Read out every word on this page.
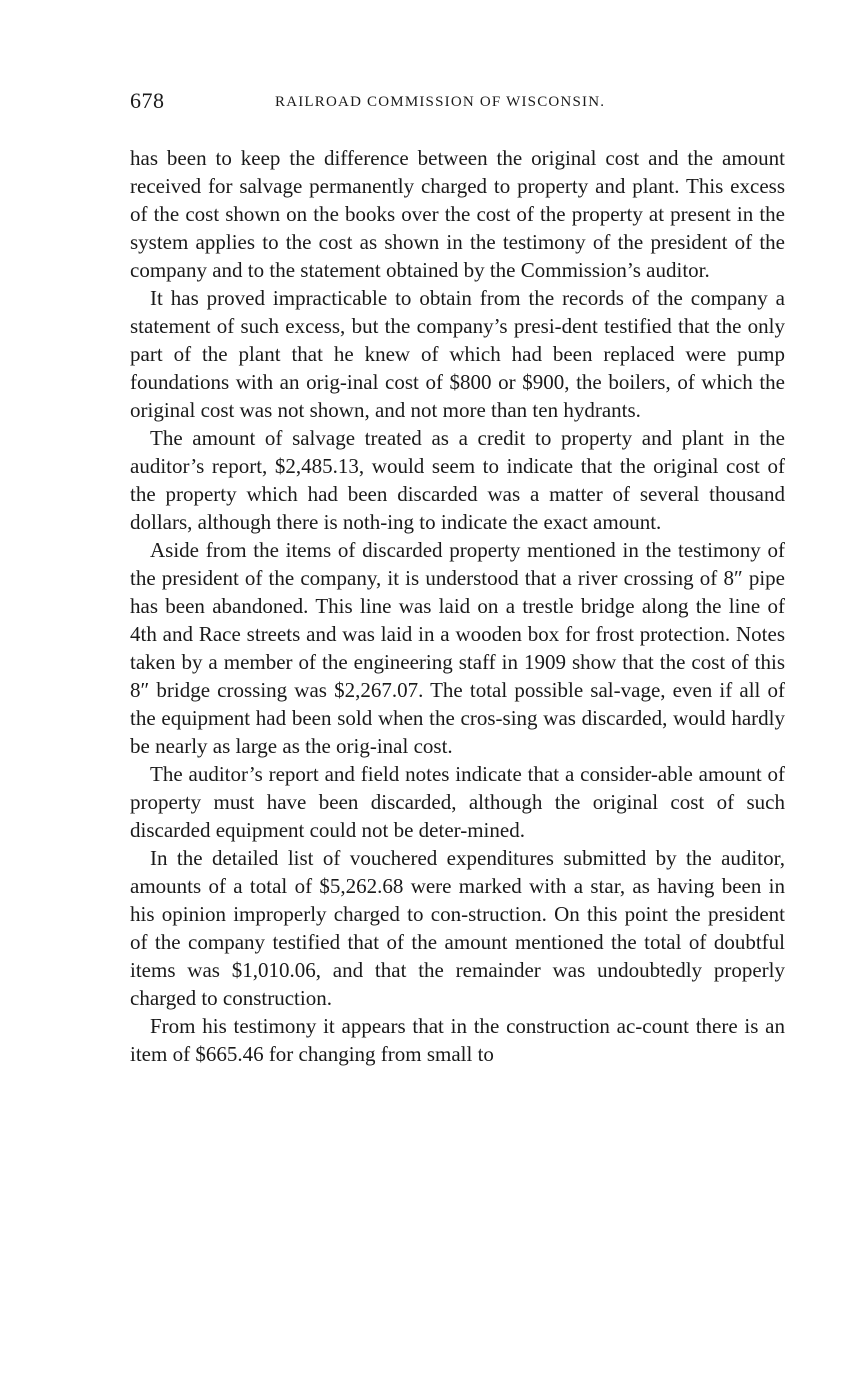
678	RAILROAD COMMISSION OF WISCONSIN.

has been to keep the difference between the original cost and the amount received for salvage permanently charged to property and plant. This excess of the cost shown on the books over the cost of the property at present in the system applies to the cost as shown in the testimony of the president of the company and to the statement obtained by the Commission’s auditor.

It has proved impracticable to obtain from the records of the company a statement of such excess, but the company’s presi-dent testified that the only part of the plant that he knew of which had been replaced were pump foundations with an orig-inal cost of $800 or $900, the boilers, of which the original cost was not shown, and not more than ten hydrants.

The amount of salvage treated as a credit to property and plant in the auditor’s report, $2,485.13, would seem to indicate that the original cost of the property which had been discarded was a matter of several thousand dollars, although there is noth-ing to indicate the exact amount.

Aside from the items of discarded property mentioned in the testimony of the president of the company, it is understood that a river crossing of 8″ pipe has been abandoned. This line was laid on a trestle bridge along the line of 4th and Race streets and was laid in a wooden box for frost protection. Notes taken by a member of the engineering staff in 1909 show that the cost of this 8″ bridge crossing was $2,267.07. The total possible sal-vage, even if all of the equipment had been sold when the cros-sing was discarded, would hardly be nearly as large as the orig-inal cost.

The auditor’s report and field notes indicate that a consider-able amount of property must have been discarded, although the original cost of such discarded equipment could not be deter-mined.

In the detailed list of vouchered expenditures submitted by the auditor, amounts of a total of $5,262.68 were marked with a star, as having been in his opinion improperly charged to con-struction. On this point the president of the company testified that of the amount mentioned the total of doubtful items was $1,010.06, and that the remainder was undoubtedly properly charged to construction.

From his testimony it appears that in the construction ac-count there is an item of $665.46 for changing from small to
